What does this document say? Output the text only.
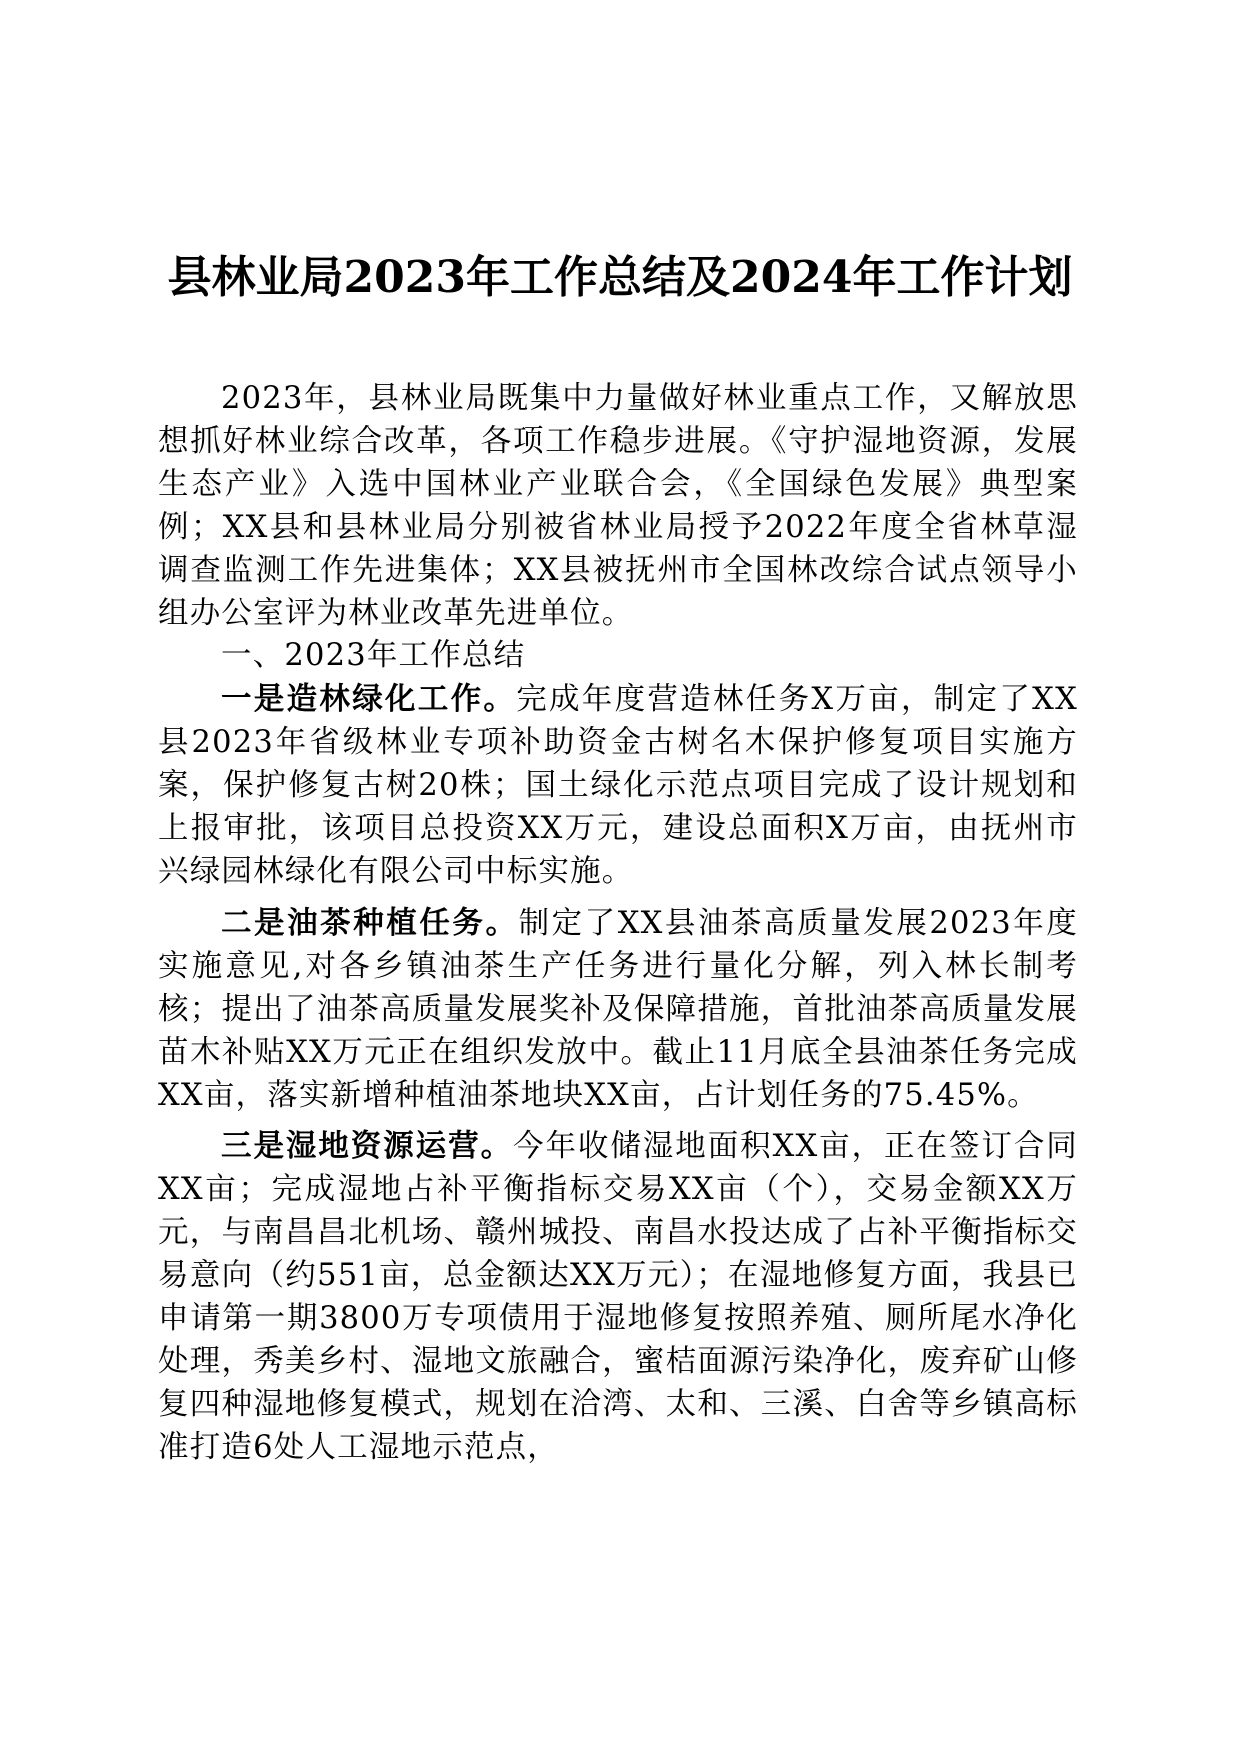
县林业局2023年工作总结及2024年工作计划

2023年，县林业局既集中力量做好林业重点工作，又解放思想抓好林业综合改革，各项工作稳步进展。《守护湿地资源，发展生态产业》入选中国林业产业联合会，《全国绿色发展》典型案例；XX县和县林业局分别被省林业局授予2022年度全省林草湿调查监测工作先进集体；XX县被抚州市全国林改综合试点领导小组办公室评为林业改革先进单位。

一、2023年工作总结

一是造林绿化工作。完成年度营造林任务X万亩，制定了XX县2023年省级林业专项补助资金古树名木保护修复项目实施方案，保护修复古树20株；国土绿化示范点项目完成了设计规划和上报审批，该项目总投资XX万元，建设总面积X万亩，由抚州市兴绿园林绿化有限公司中标实施。

二是油茶种植任务。制定了XX县油茶高质量发展2023年度实施意见,对各乡镇油茶生产任务进行量化分解，列入林长制考核；提出了油茶高质量发展奖补及保障措施，首批油茶高质量发展苗木补贴XX万元正在组织发放中。截止11月底全县油茶任务完成XX亩，落实新增种植油茶地块XX亩，占计划任务的75.45%。

三是湿地资源运营。今年收储湿地面积XX亩，正在签订合同XX亩；完成湿地占补平衡指标交易XX亩（个），交易金额XX万元，与南昌昌北机场、赣州城投、南昌水投达成了占补平衡指标交易意向（约551亩，总金额达XX万元）；在湿地修复方面，我县已申请第一期3800万专项债用于湿地修复按照养殖、厕所尾水净化处理，秀美乡村、湿地文旅融合，蜜桔面源污染净化，废弃矿山修复四种湿地修复模式，规划在洽湾、太和、三溪、白舍等乡镇高标准打造6处人工湿地示范点，
